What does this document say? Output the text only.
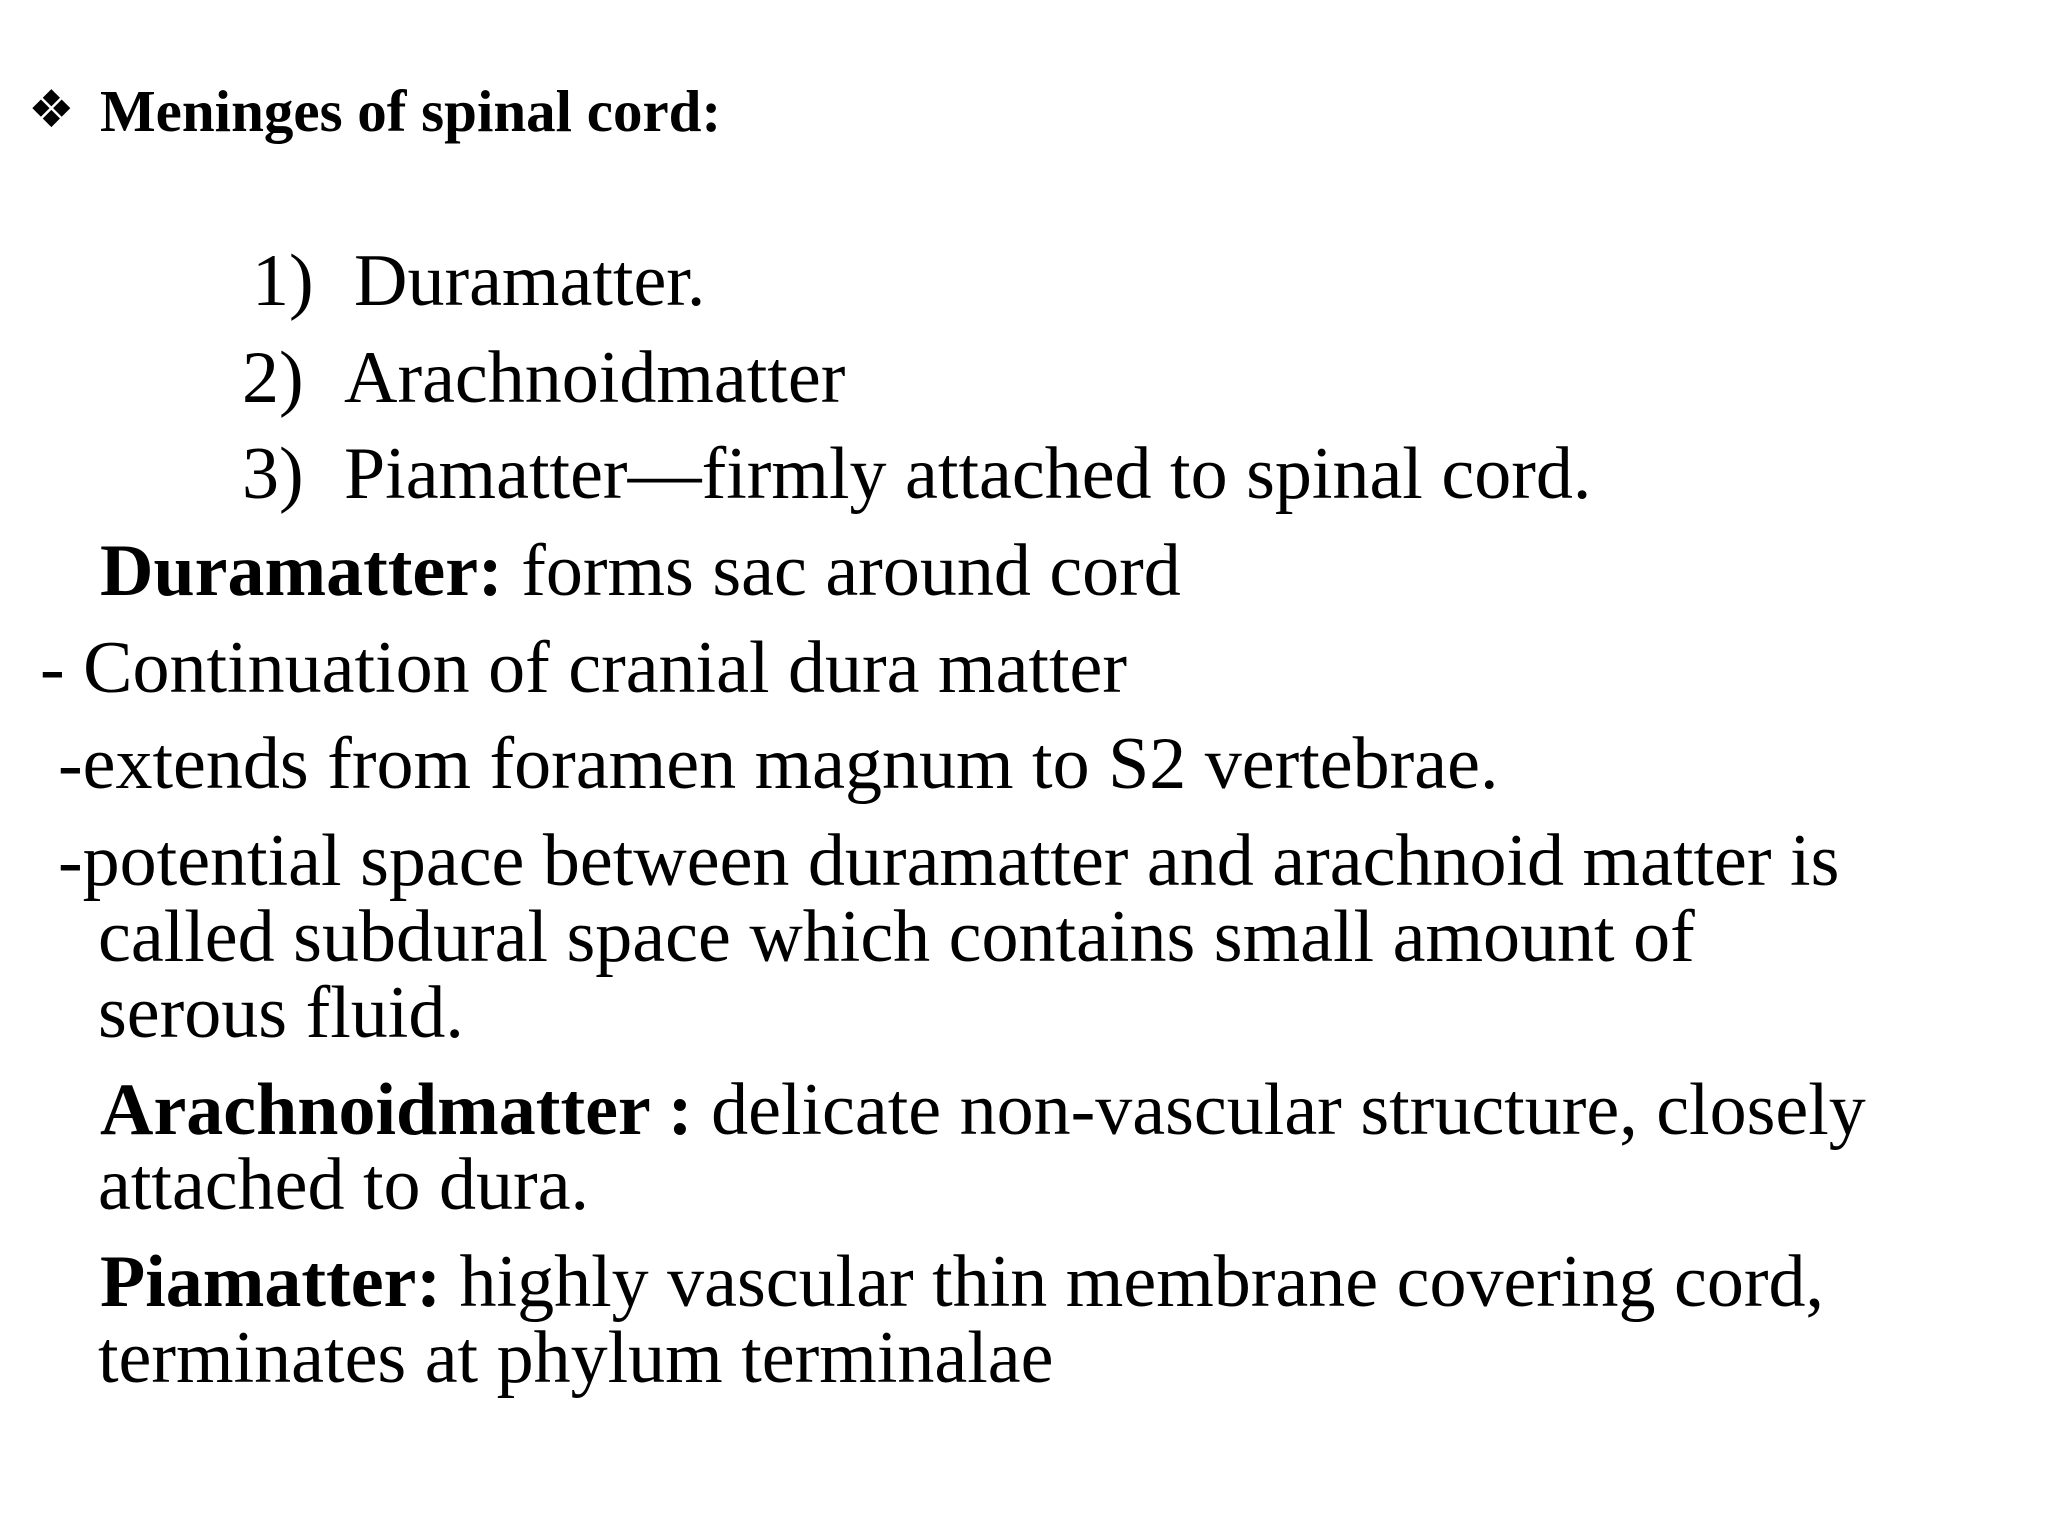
❖ Meninges of spinal cord:
1) Duramatter.
2) Arachnoidmatter
3) Piamatter—firmly attached to spinal cord.
Duramatter: forms sac around cord
- Continuation of cranial dura matter
-extends from foramen magnum to S2 vertebrae.
-potential space between duramatter and arachnoid matter is
called subdural space which contains small amount of
serous fluid.
Arachnoidmatter : delicate non-vascular structure, closely
attached to dura.
Piamatter: highly vascular thin membrane covering cord,
terminates at phylum terminalae
